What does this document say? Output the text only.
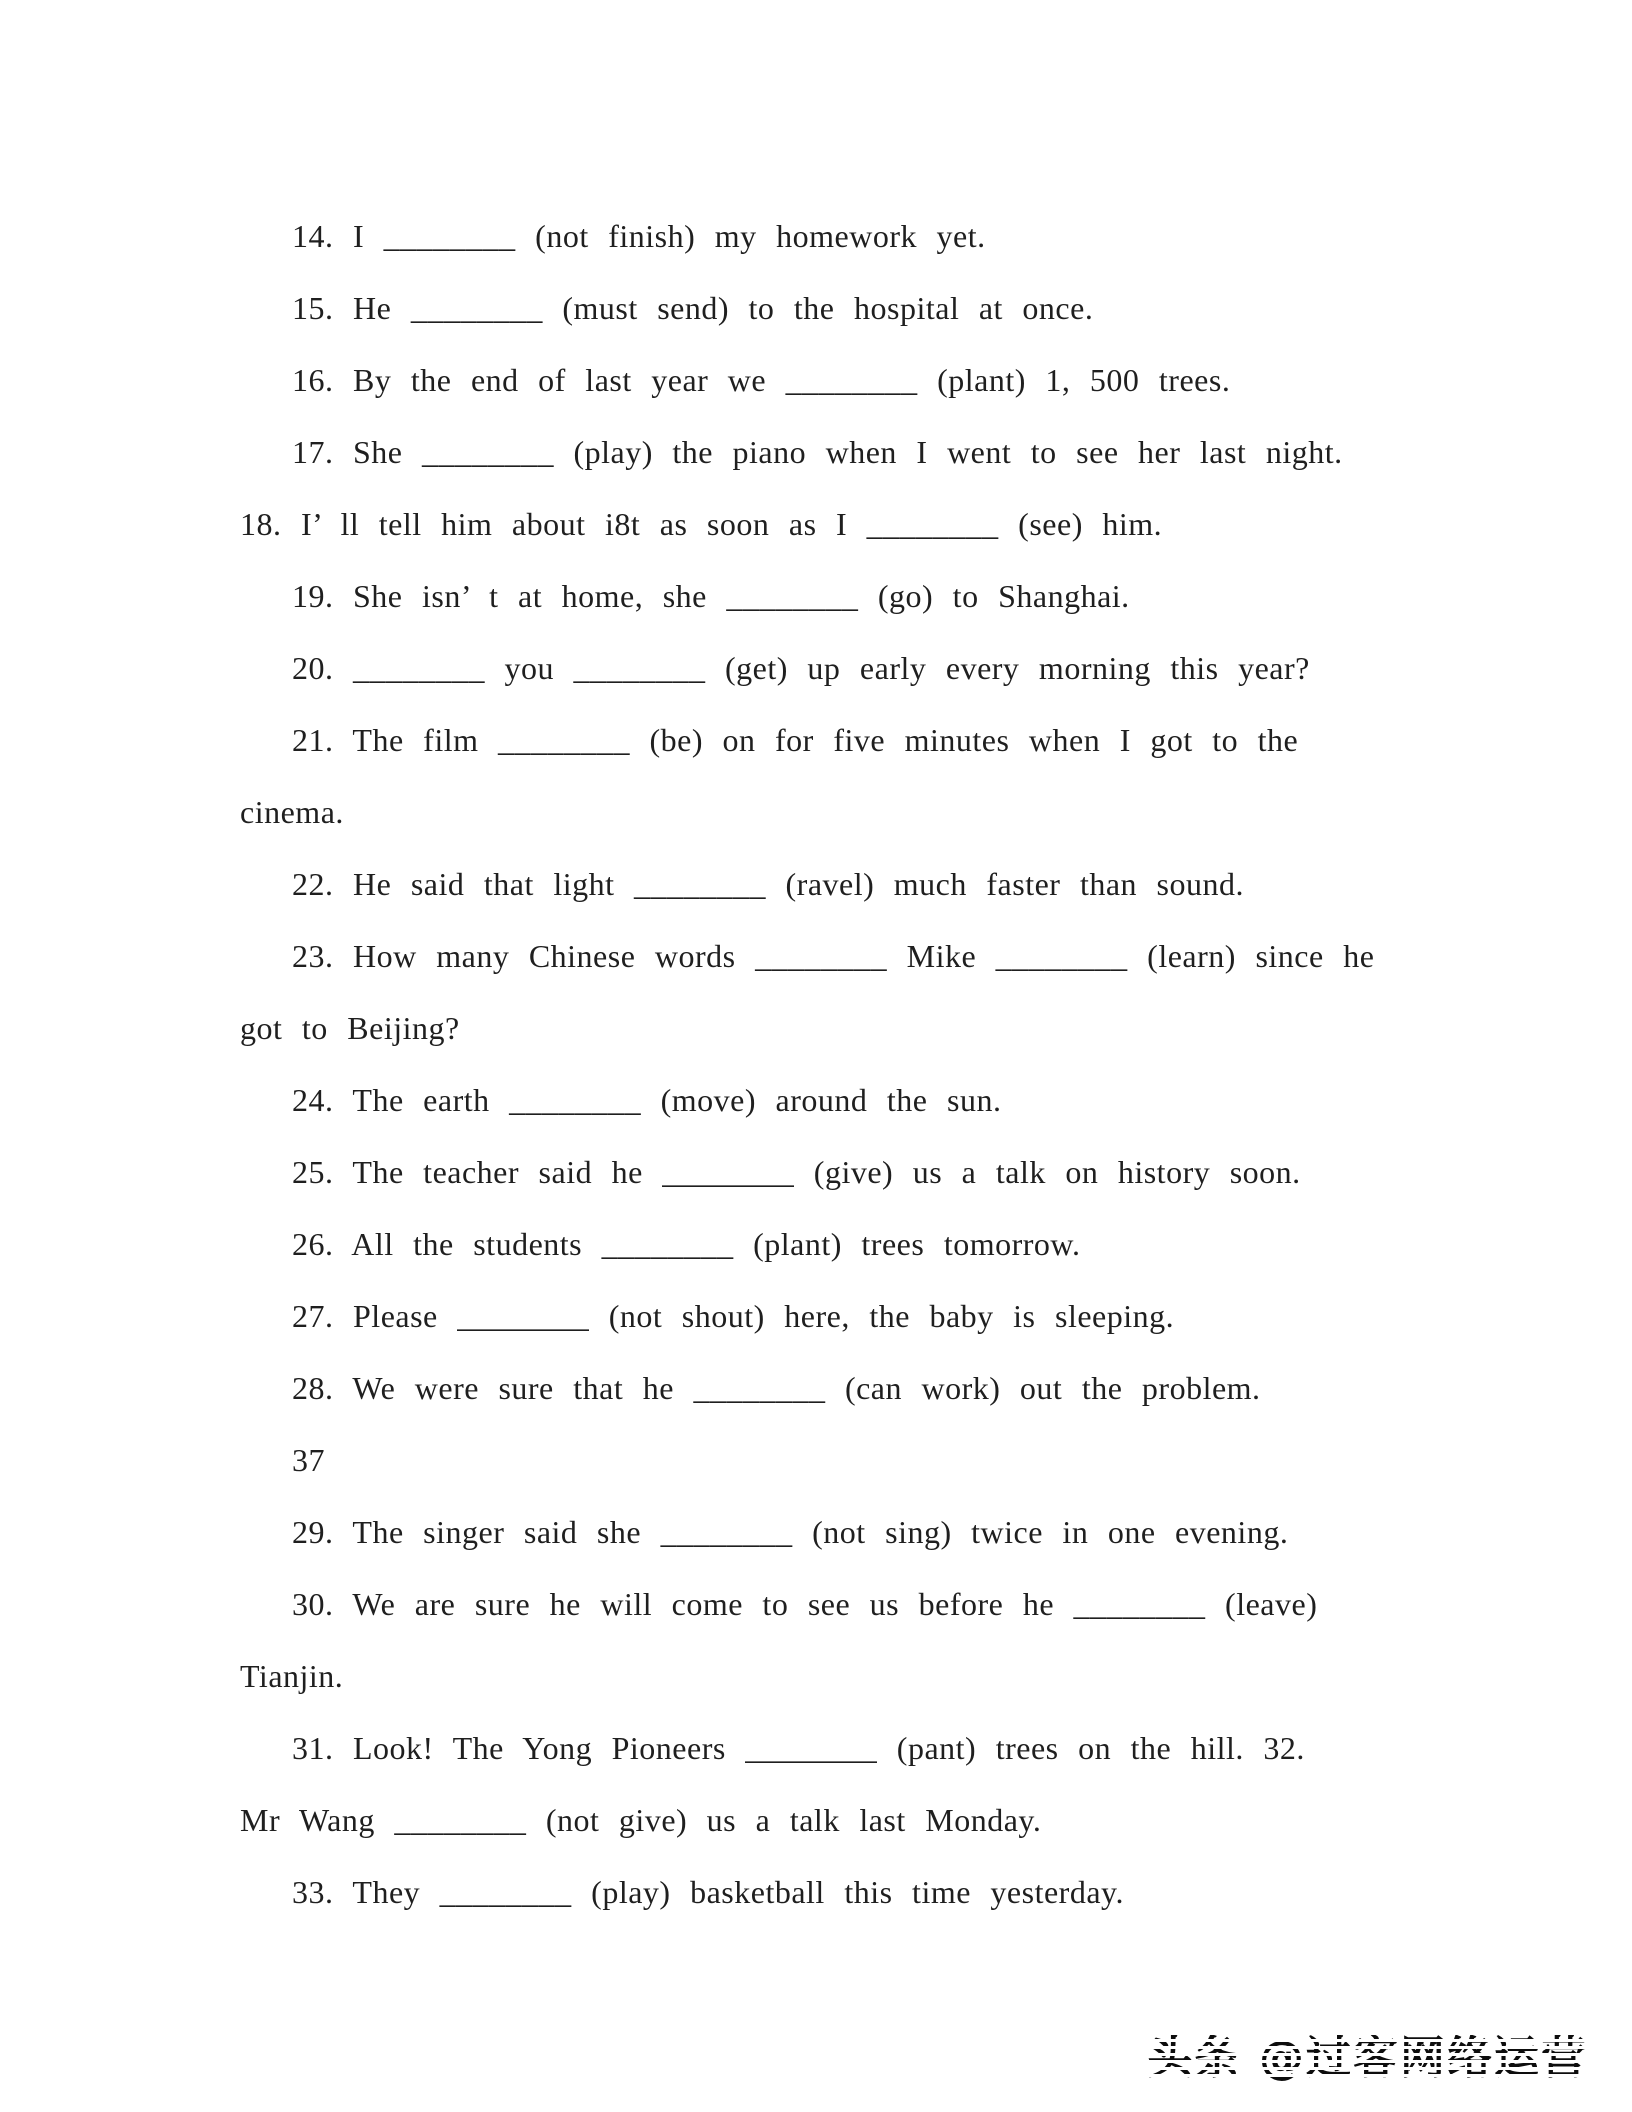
14. I ________ (not finish) my homework yet.
15. He ________ (must send) to the hospital at once.
16. By the end of last year we ________ (plant) 1, 500 trees.
17. She ________ (play) the piano when I went to see her last night.
18. I’ ll tell him about i8t as soon as I ________ (see) him.
19. She isn’ t at home, she ________ (go) to Shanghai.
20. ________ you ________ (get) up early every morning this year?
21. The film ________ (be) on for five minutes when I got to the
cinema.
22. He said that light ________ (ravel) much faster than sound.
23. How many Chinese words ________ Mike ________ (learn) since he
got to Beijing?
24. The earth ________ (move) around the sun.
25. The teacher said he ________ (give) us a talk on history soon.
26. All the students ________ (plant) trees tomorrow.
27. Please ________ (not shout) here, the baby is sleeping.
28. We were sure that he ________ (can work) out the problem.
37
29. The singer said she ________ (not sing) twice in one evening.
30. We are sure he will come to see us before he ________ (leave)
Tianjin.
31. Look! The Yong Pioneers ________ (pant) trees on the hill. 32.
Mr Wang ________ (not give) us a talk last Monday.
33. They ________ (play) basketball this time yesterday.
头条 @过客网络运营
